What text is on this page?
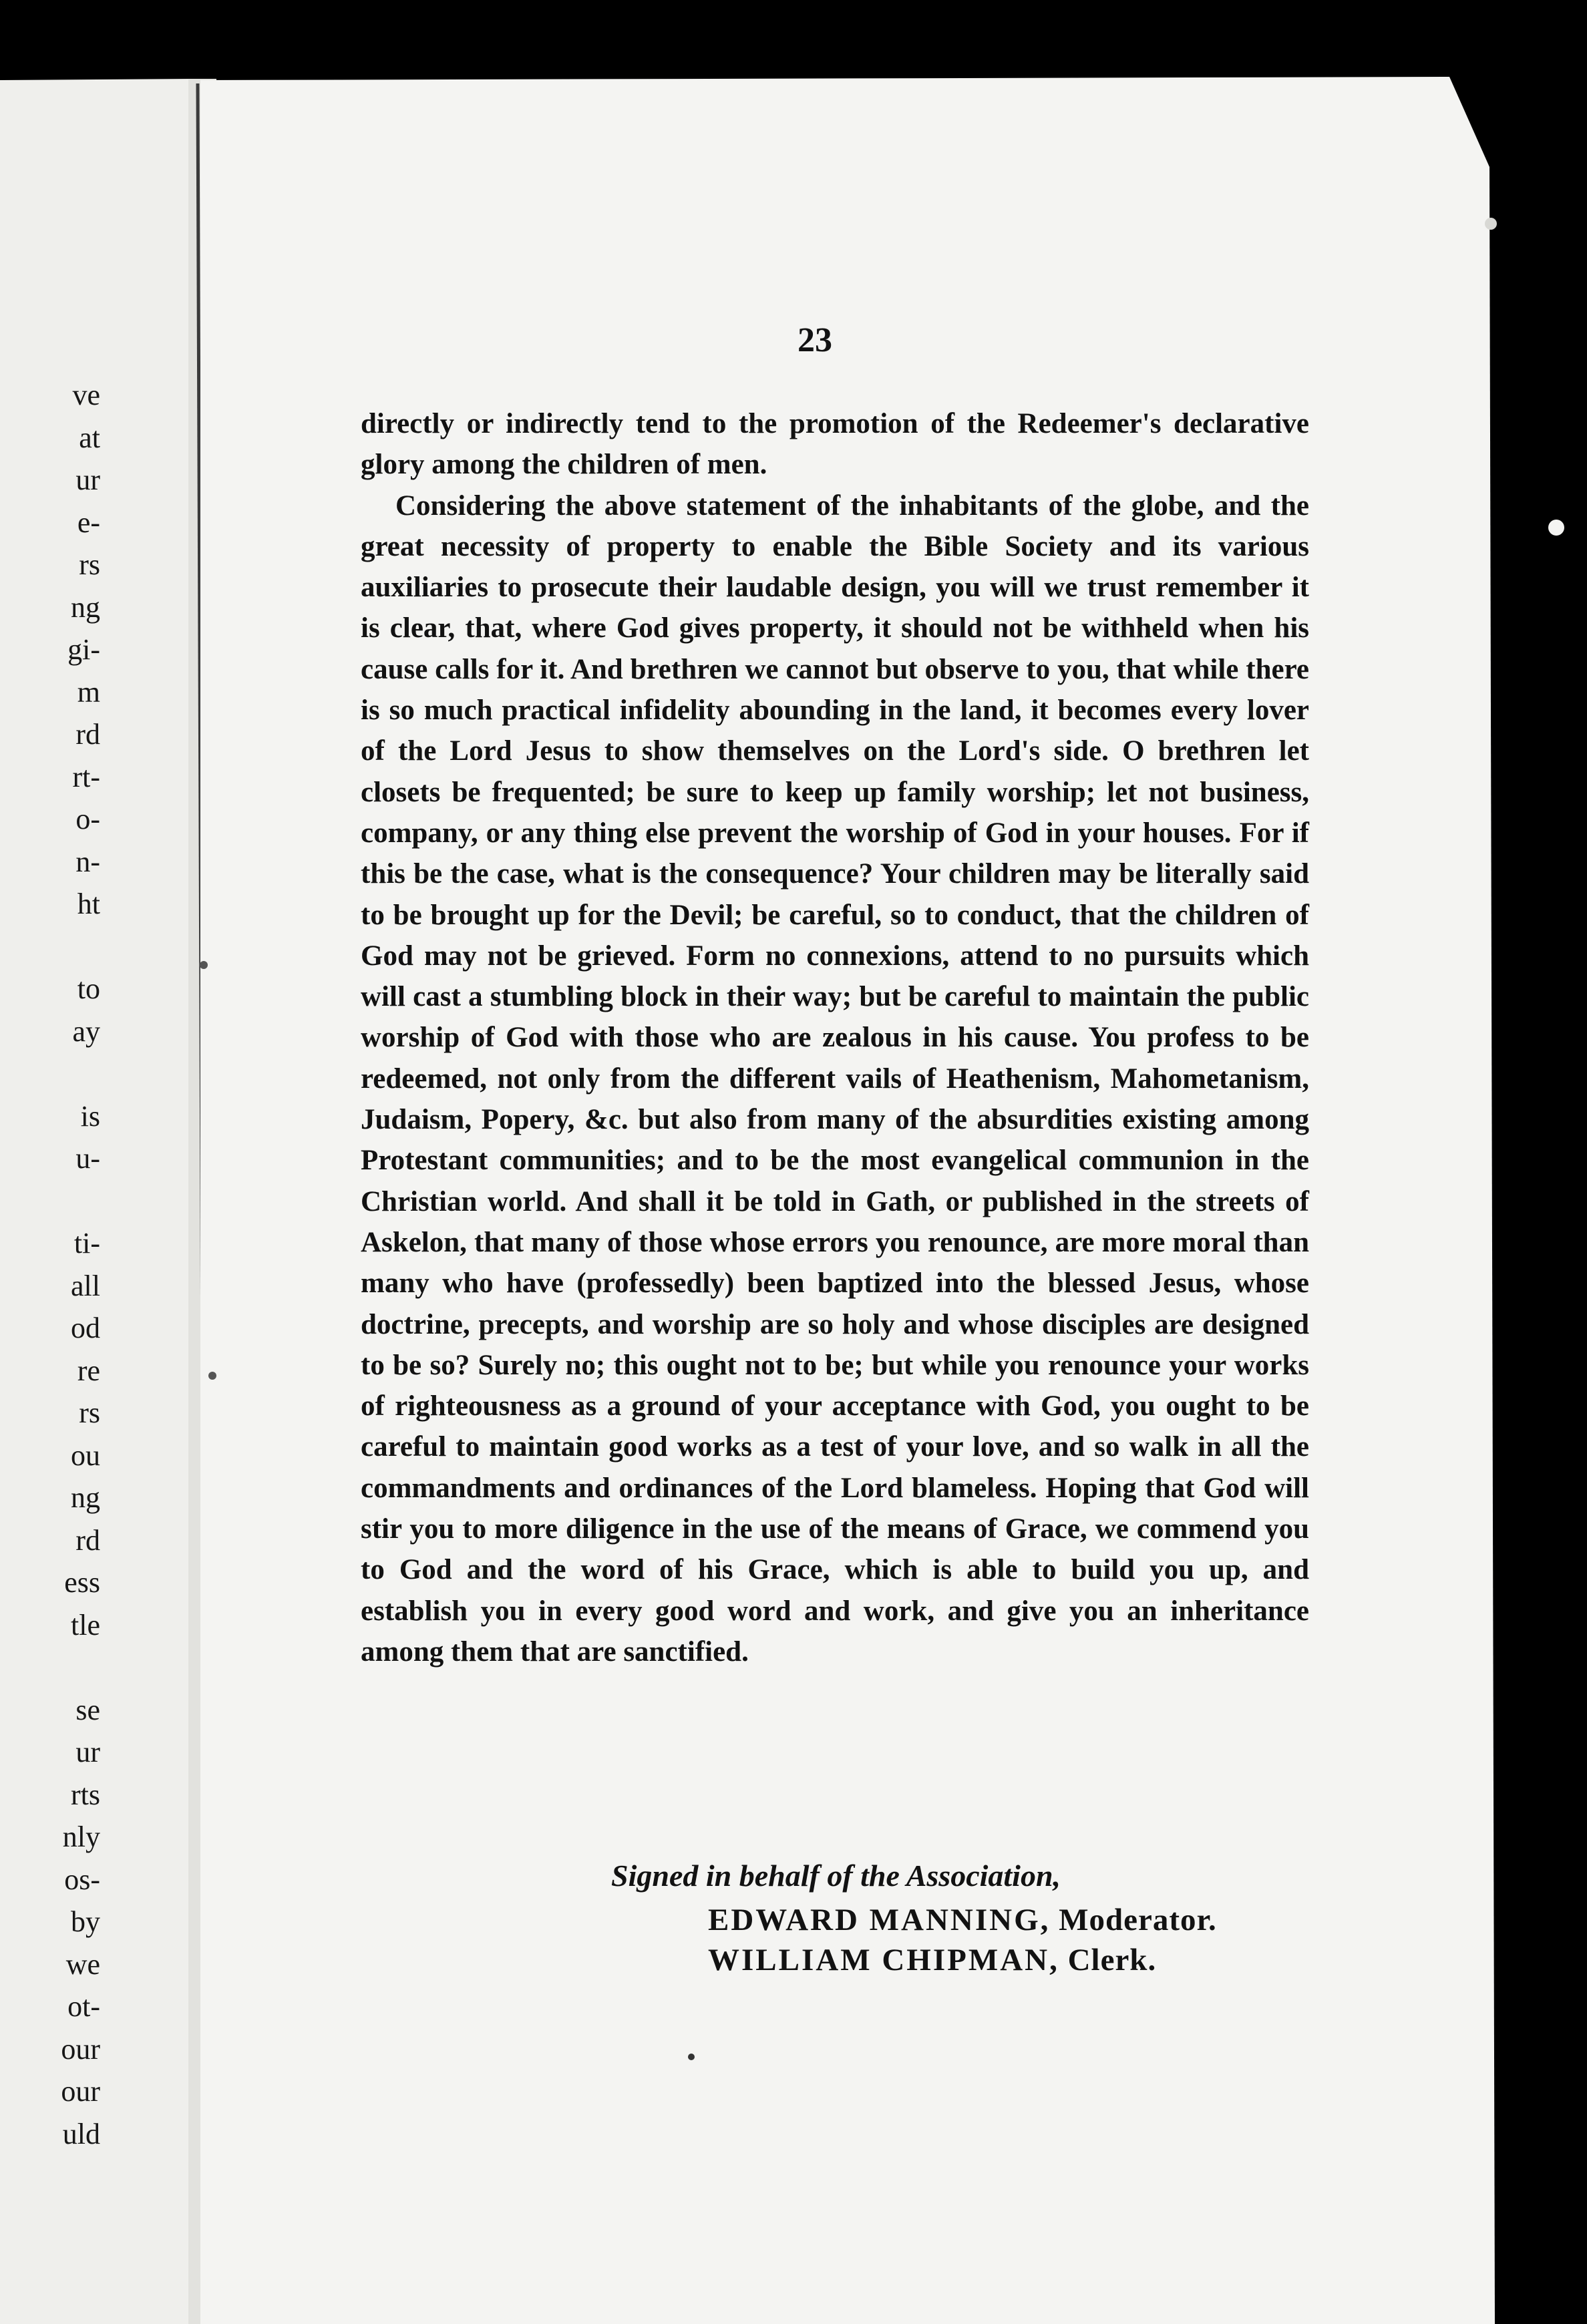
ve
at
ur
e-
rs
ng
gi-
m
rd
rt-
o-
n-
ht
to
ay
is
u-
ti-
all
od
re
rs
ou
ng
rd
ess
tle
se
ur
rts
nly
os-
by
we
ot-
our
our
uld
23

directly or indirectly tend to the promotion of the Redeemer's declarative glory among the children of men.

Considering the above statement of the inhabitants of the globe, and the great necessity of property to enable the Bible Society and its various auxiliaries to prosecute their laudable design, you will we trust remember it is clear, that, where God gives property, it should not be withheld when his cause calls for it. And brethren we cannot but observe to you, that while there is so much practical infidelity abounding in the land, it becomes every lover of the Lord Jesus to show themselves on the Lord's side. O brethren let closets be frequented; be sure to keep up family worship; let not business, company, or any thing else prevent the worship of God in your houses. For if this be the case, what is the consequence? Your children may be literally said to be brought up for the Devil; be careful, so to conduct, that the children of God may not be grieved. Form no connexions, attend to no pursuits which will cast a stumbling block in their way; but be careful to maintain the public worship of God with those who are zealous in his cause. You profess to be redeemed, not only from the different vails of Heathenism, Mahometanism, Judaism, Popery, &c. but also from many of the absurdities existing among Protestant communities; and to be the most evangelical communion in the Christian world. And shall it be told in Gath, or published in the streets of Askelon, that many of those whose errors you renounce, are more moral than many who have (professedly) been baptized into the blessed Jesus, whose doctrine, precepts, and worship are so holy and whose disciples are designed to be so? Surely no; this ought not to be; but while you renounce your works of righteousness as a ground of your acceptance with God, you ought to be careful to maintain good works as a test of your love, and so walk in all the commandments and ordinances of the Lord blameless. Hoping that God will stir you to more diligence in the use of the means of Grace, we commend you to God and the word of his Grace, which is able to build you up, and establish you in every good word and work, and give you an inheritance among them that are sanctified.

Signed in behalf of the Association,
EDWARD MANNING, Moderator.
WILLIAM CHIPMAN, Clerk.
